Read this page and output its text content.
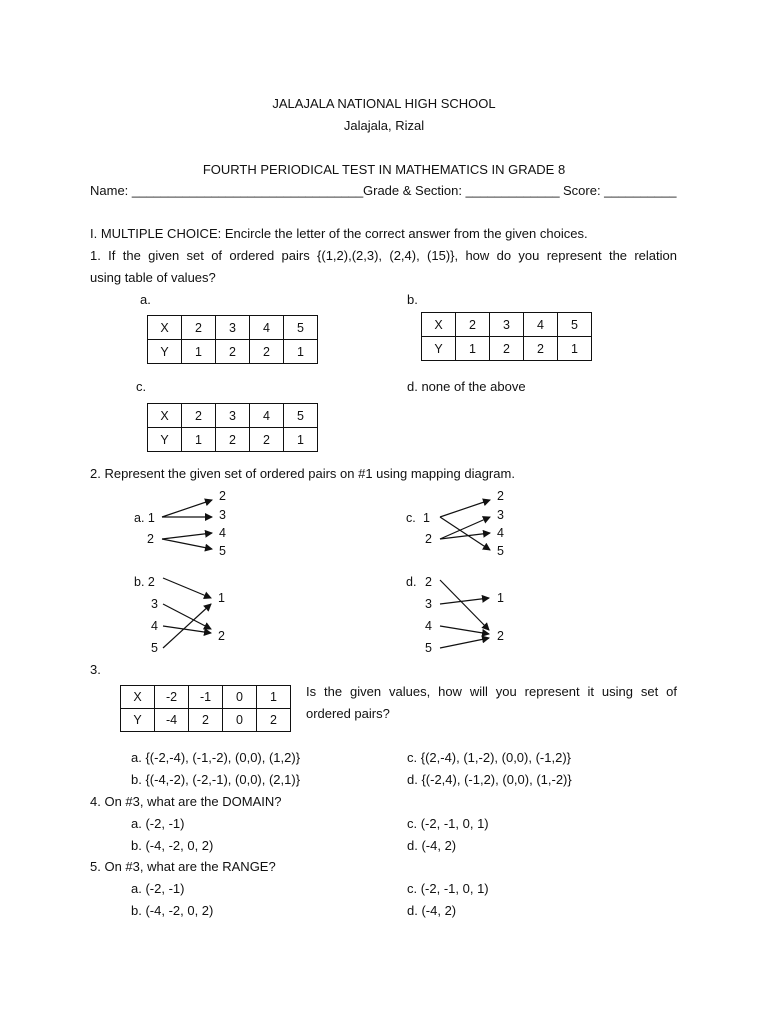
JALAJALA NATIONAL HIGH SCHOOL
Jalajala, Rizal
FOURTH PERIODICAL TEST IN MATHEMATICS IN GRADE 8
Name: ________________________________ Grade & Section: _____________ Score: __________
I. MULTIPLE CHOICE: Encircle the letter of the correct answer from the given choices.
1. If the given set of ordered pairs {(1,2),(2,3), (2,4), (15)}, how do you represent the relation
using table of values?
a.	b.
X	2	3	4	5
Y	1	2	2	1
X	2	3	4	5
Y	1	2	2	1
c.	d. none of the above
X	2	3	4	5
Y	1	2	2	1
2. Represent the given set of ordered pairs on #1 using mapping diagram.
a. 1
2
2
3
4
5
c. 1
2
2
3
4
5
b. 2
3
4
5
1
2
d. 2
3
4
5
1
2
3.
X	-2	-1	0	1
Y	-4	2	0	2
Is the given values, how will you represent it using set of
ordered pairs?
a. {(-2,-4), (-1,-2), (0,0), (1,2)}	c. {(2,-4), (1,-2), (0,0), (-1,2)}
b. {(-4,-2), (-2,-1), (0,0), (2,1)}	d. {(-2,4), (-1,2), (0,0), (1,-2)}
4. On #3, what are the DOMAIN?
a. (-2, -1)	c. (-2, -1, 0, 1)
b. (-4, -2, 0, 2)	d. (-4, 2)
5. On #3, what are the RANGE?
a. (-2, -1)	c. (-2, -1, 0, 1)
b. (-4, -2, 0, 2)	d. (-4, 2)
